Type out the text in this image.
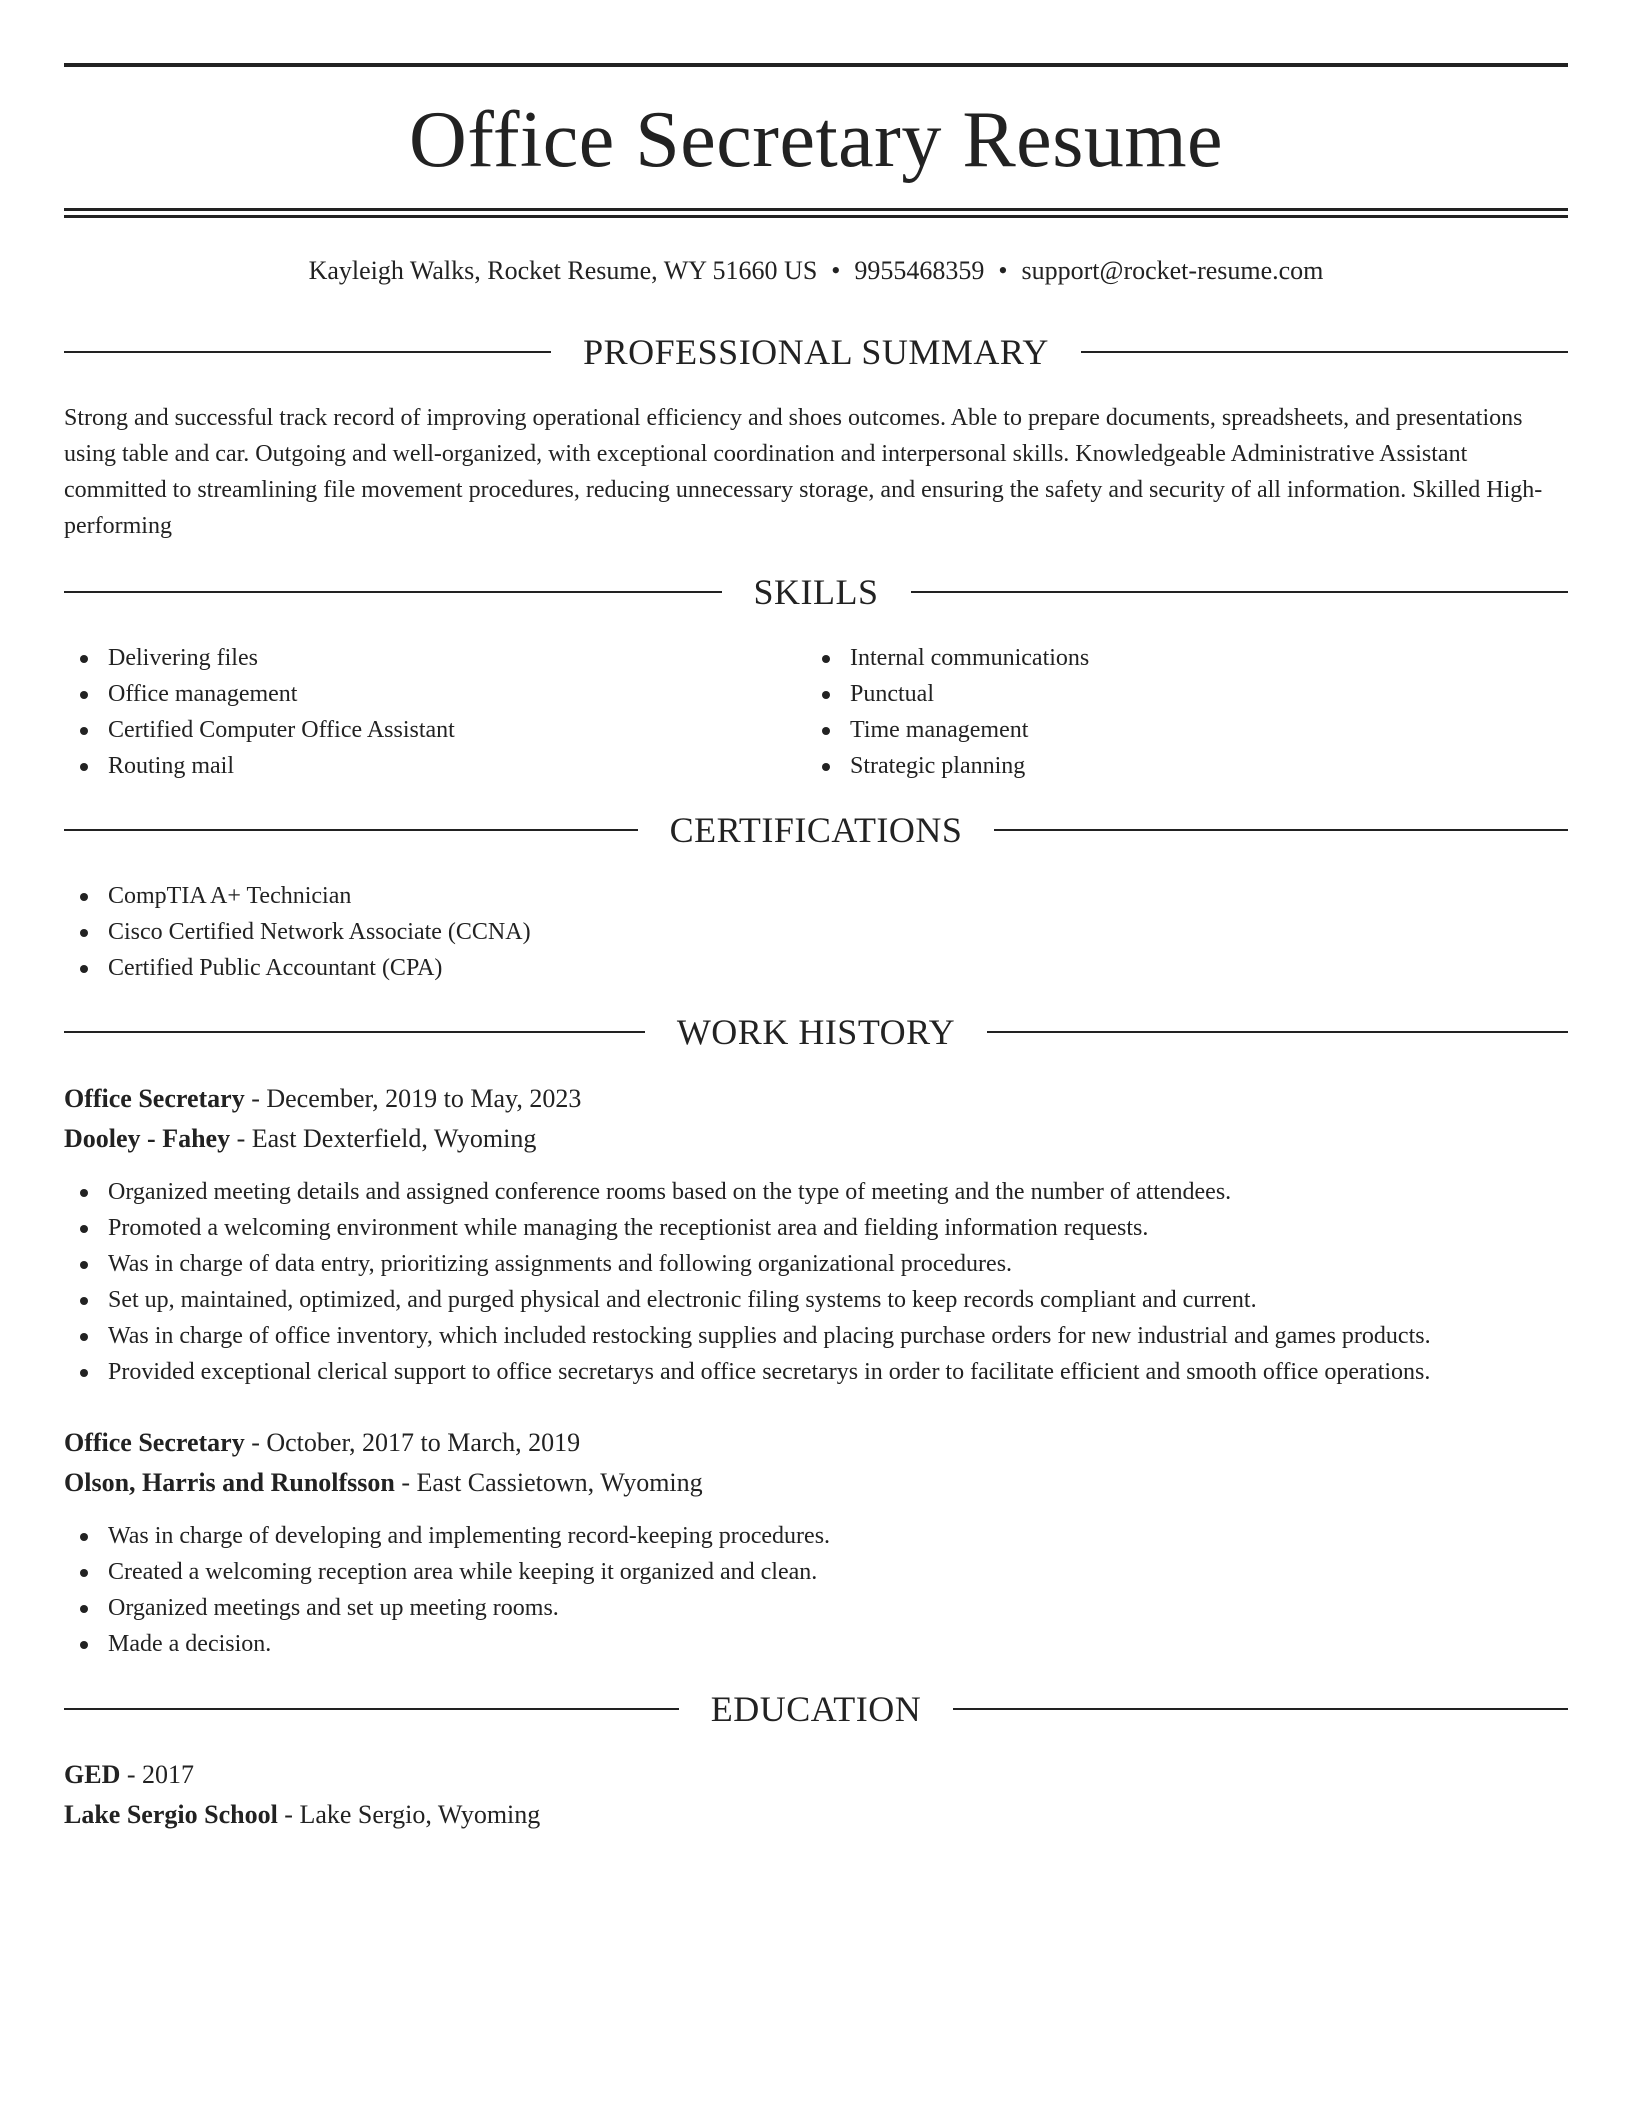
Office Secretary Resume
Kayleigh Walks, Rocket Resume, WY 51660 US • 9955468359 • support@rocket-resume.com
PROFESSIONAL SUMMARY

Strong and successful track record of improving operational efficiency and shoes outcomes. Able to prepare documents, spreadsheets, and presentations using table and car. Outgoing and well-organized, with exceptional coordination and interpersonal skills. Knowledgeable Administrative Assistant committed to streamlining file movement procedures, reducing unnecessary storage, and ensuring the safety and security of all information. Skilled High-performing

SKILLS
Delivering files
Office management
Certified Computer Office Assistant
Routing mail
Internal communications
Punctual
Time management
Strategic planning
CERTIFICATIONS
CompTIA A+ Technician
Cisco Certified Network Associate (CCNA)
Certified Public Accountant (CPA)
WORK HISTORY
Office Secretary - December, 2019 to May, 2023
Dooley - Fahey - East Dexterfield, Wyoming
Organized meeting details and assigned conference rooms based on the type of meeting and the number of attendees.
Promoted a welcoming environment while managing the receptionist area and fielding information requests.
Was in charge of data entry, prioritizing assignments and following organizational procedures.
Set up, maintained, optimized, and purged physical and electronic filing systems to keep records compliant and current.
Was in charge of office inventory, which included restocking supplies and placing purchase orders for new industrial and games products.
Provided exceptional clerical support to office secretarys and office secretarys in order to facilitate efficient and smooth office operations.
Office Secretary - October, 2017 to March, 2019
Olson, Harris and Runolfsson - East Cassietown, Wyoming
Was in charge of developing and implementing record-keeping procedures.
Created a welcoming reception area while keeping it organized and clean.
Organized meetings and set up meeting rooms.
Made a decision.
EDUCATION
GED - 2017
Lake Sergio School - Lake Sergio, Wyoming
